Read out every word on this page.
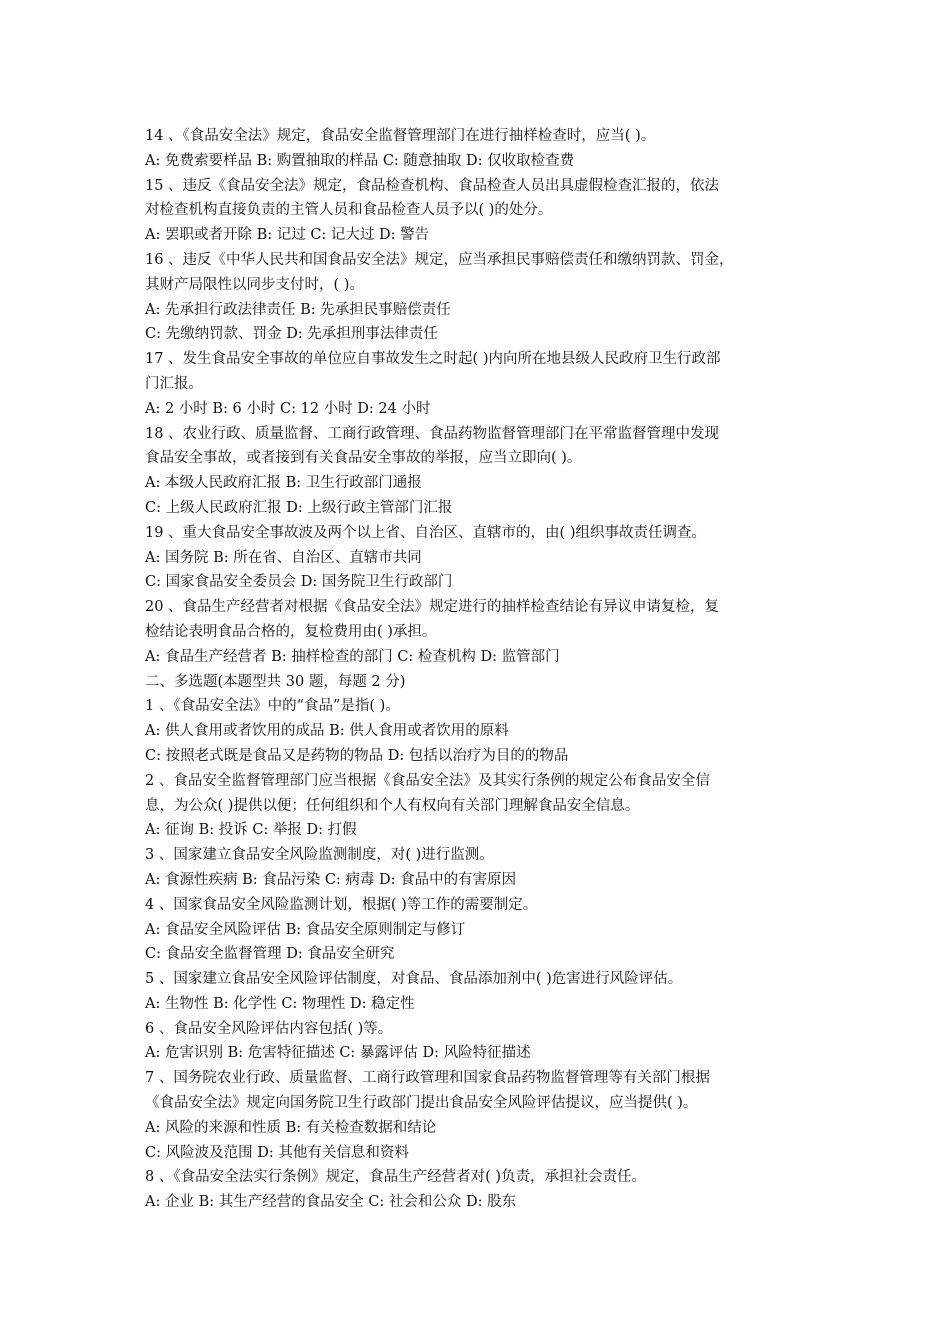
14 、《食品安全法》规定，食品安全监督管理部门在进行抽样检查时，应当( )。
A: 免费索要样品 B: 购置抽取的样品 C: 随意抽取 D: 仅收取检查费
15 、违反《食品安全法》规定，食品检查机构、食品检查人员出具虚假检查汇报的，依法
对检查机构直接负责的主管人员和食品检查人员予以( )的处分。
A: 罢职或者开除 B: 记过 C: 记大过 D: 警告
16 、违反《中华人民共和国食品安全法》规定，应当承担民事赔偿责任和缴纳罚款、罚金，
其财产局限性以同步支付时，( )。
A: 先承担行政法律责任 B: 先承担民事赔偿责任
C: 先缴纳罚款、罚金 D: 先承担刑事法律责任
17 、发生食品安全事故的单位应自事故发生之时起( )内向所在地县级人民政府卫生行政部
门汇报。
A: 2 小时 B: 6 小时 C: 12 小时 D: 24 小时
18 、农业行政、质量监督、工商行政管理、食品药物监督管理部门在平常监督管理中发现
食品安全事故，或者接到有关食品安全事故的举报，应当立即向( )。
A: 本级人民政府汇报 B: 卫生行政部门通报
C: 上级人民政府汇报 D: 上级行政主管部门汇报
19 、重大食品安全事故波及两个以上省、自治区、直辖市的，由( )组织事故责任调查。
A: 国务院 B: 所在省、自治区、直辖市共同
C: 国家食品安全委员会 D: 国务院卫生行政部门
20 、食品生产经营者对根据《食品安全法》规定进行的抽样检查结论有异议申请复检，复
检结论表明食品合格的，复检费用由( )承担。
A: 食品生产经营者 B: 抽样检查的部门 C: 检查机构 D: 监管部门
二、多选题(本题型共 30 题，每题 2 分)
1 、《食品安全法》中的“食品”是指( )。
A: 供人食用或者饮用的成品 B: 供人食用或者饮用的原料
C: 按照老式既是食品又是药物的物品 D: 包括以治疗为目的的物品
2 、食品安全监督管理部门应当根据《食品安全法》及其实行条例的规定公布食品安全信
息，为公众( )提供以便；任何组织和个人有权向有关部门理解食品安全信息。
A: 征询 B: 投诉 C: 举报 D: 打假
3 、国家建立食品安全风险监测制度，对( )进行监测。
A: 食源性疾病 B: 食品污染 C: 病毒 D: 食品中的有害原因
4 、国家食品安全风险监测计划，根据( )等工作的需要制定。
A: 食品安全风险评估 B: 食品安全原则制定与修订
C: 食品安全监督管理 D: 食品安全研究
5 、国家建立食品安全风险评估制度，对食品、食品添加剂中( )危害进行风险评估。
A: 生物性 B: 化学性 C: 物理性 D: 稳定性
6 、食品安全风险评估内容包括( )等。
A: 危害识别 B: 危害特征描述 C: 暴露评估 D: 风险特征描述
7 、国务院农业行政、质量监督、工商行政管理和国家食品药物监督管理等有关部门根据
《食品安全法》规定向国务院卫生行政部门提出食品安全风险评估提议，应当提供( )。
A: 风险的来源和性质 B: 有关检查数据和结论
C: 风险波及范围 D: 其他有关信息和资料
8 、《食品安全法实行条例》规定，食品生产经营者对( )负责，承担社会责任。
A: 企业 B: 其生产经营的食品安全 C: 社会和公众 D: 股东
